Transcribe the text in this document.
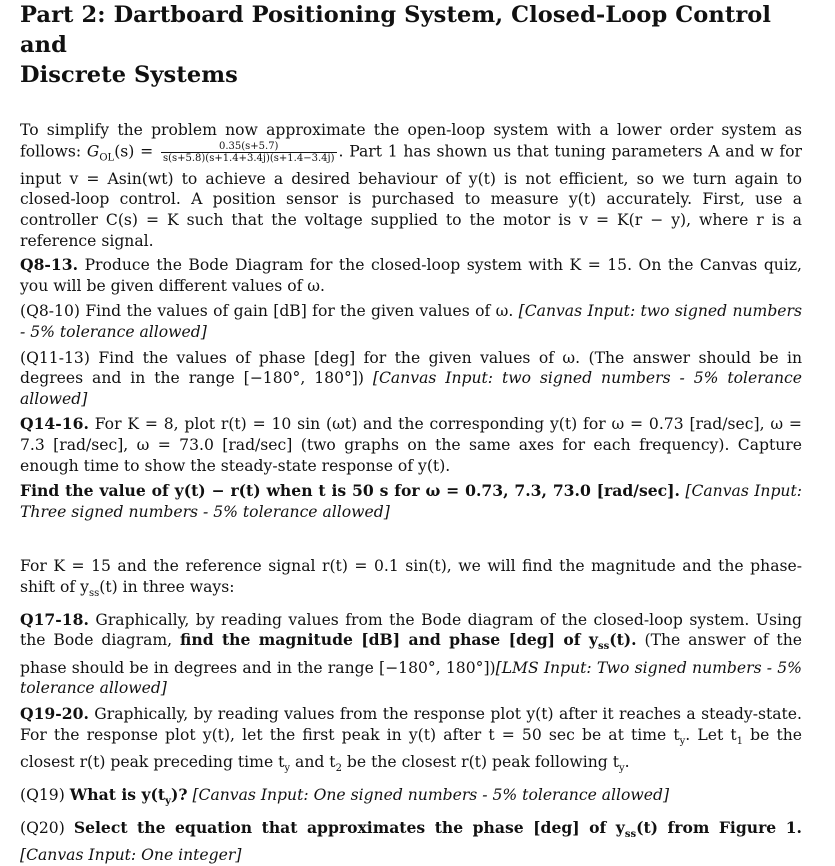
Part 2: Dartboard Positioning System, Closed-Loop Control and
Discrete Systems

To simplify the problem now approximate the open-loop system with a lower order system as follows: $G_{OL}(s) = \frac{0.35(s+5.7)}{s(s+5.8)(s+1.4+3.4j)(s+1.4-3.4j)}$ . Part 1 has shown us that tuning parameters A and w for input v = Asin(wt) to achieve a desired behaviour of y(t) is not efficient, so we turn again to closed-loop control. A position sensor is purchased to measure y(t) accurately. First, use a controller C(s) = K such that the voltage supplied to the motor is v = K(r − y), where r is a reference signal.

Q8-13. Produce the Bode Diagram for the closed-loop system with K = 15. On the Canvas quiz, you will be given different values of ω.

(Q8-10) Find the values of gain [dB] for the given values of ω. [Canvas Input: two signed numbers - 5% tolerance allowed]

(Q11-13) Find the values of phase [deg] for the given values of ω. (The answer should be in degrees and in the range [−180°, 180°]) [Canvas Input: two signed numbers - 5% tolerance allowed]

Q14-16. For K = 8, plot r(t) = 10 sin (ωt) and the corresponding y(t) for ω = 0.73 [rad/sec], ω = 7.3 [rad/sec], ω = 73.0 [rad/sec] (two graphs on the same axes for each frequency). Capture enough time to show the steady-state response of y(t).

Find the value of y(t) − r(t) when t is 50 s for ω = 0.73, 7.3, 73.0 [rad/sec]. [Canvas Input: Three signed numbers - 5% tolerance allowed]

For K = 15 and the reference signal r(t) = 0.1 sin(t), we will find the magnitude and the phase-shift of $y_{ss}(t)$ in three ways:

Q17-18. Graphically, by reading values from the Bode diagram of the closed-loop system. Using the Bode diagram, find the magnitude [dB] and phase [deg] of $y_{ss}(t)$. (The answer of the phase should be in degrees and in the range [−180°, 180°])[LMS Input: Two signed numbers - 5% tolerance allowed]

Q19-20. Graphically, by reading values from the response plot y(t) after it reaches a steady-state. For the response plot y(t), let the first peak in y(t) after t = 50 sec be at time $t_y$. Let $t_1$ be the closest r(t) peak preceding time $t_y$ and $t_2$ be the closest r(t) peak following $t_y$.

(Q19) What is $y(t_y)$? [Canvas Input: One signed numbers - 5% tolerance allowed]

(Q20) Select the equation that approximates the phase [deg] of $y_{ss}(t)$ from Figure 1. [Canvas Input: One integer]
